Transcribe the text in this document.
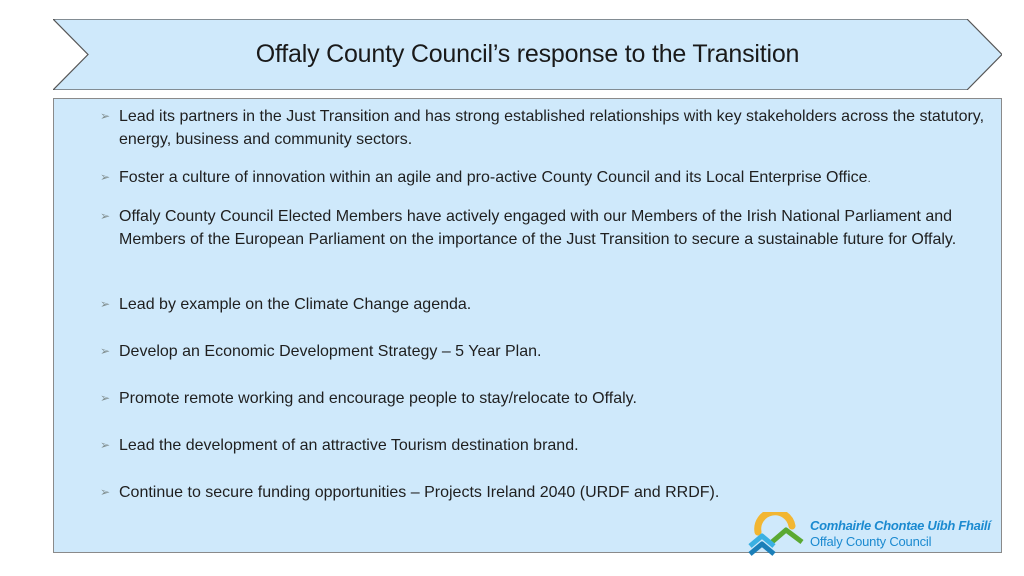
Offaly County Council’s response to the Transition
➢ Lead its partners in the Just Transition and has strong established relationships with key stakeholders across the statutory, energy, business and community sectors.
➢ Foster a culture of innovation within an agile and pro-active County Council and its Local Enterprise Office.
➢ Offaly County Council Elected Members have actively engaged with our Members of the Irish National Parliament and Members of the European Parliament on the importance of the Just Transition to secure a sustainable future for Offaly.
➢ Lead by example on the Climate Change agenda.
➢ Develop an Economic Development Strategy – 5 Year Plan.
➢ Promote remote working and encourage people to stay/relocate to Offaly.
➢ Lead the development of an attractive Tourism destination brand.
➢ Continue to secure funding opportunities – Projects Ireland 2040 (URDF and RRDF).
Comhairle Chontae Uíbh Fhailí
Offaly County Council
